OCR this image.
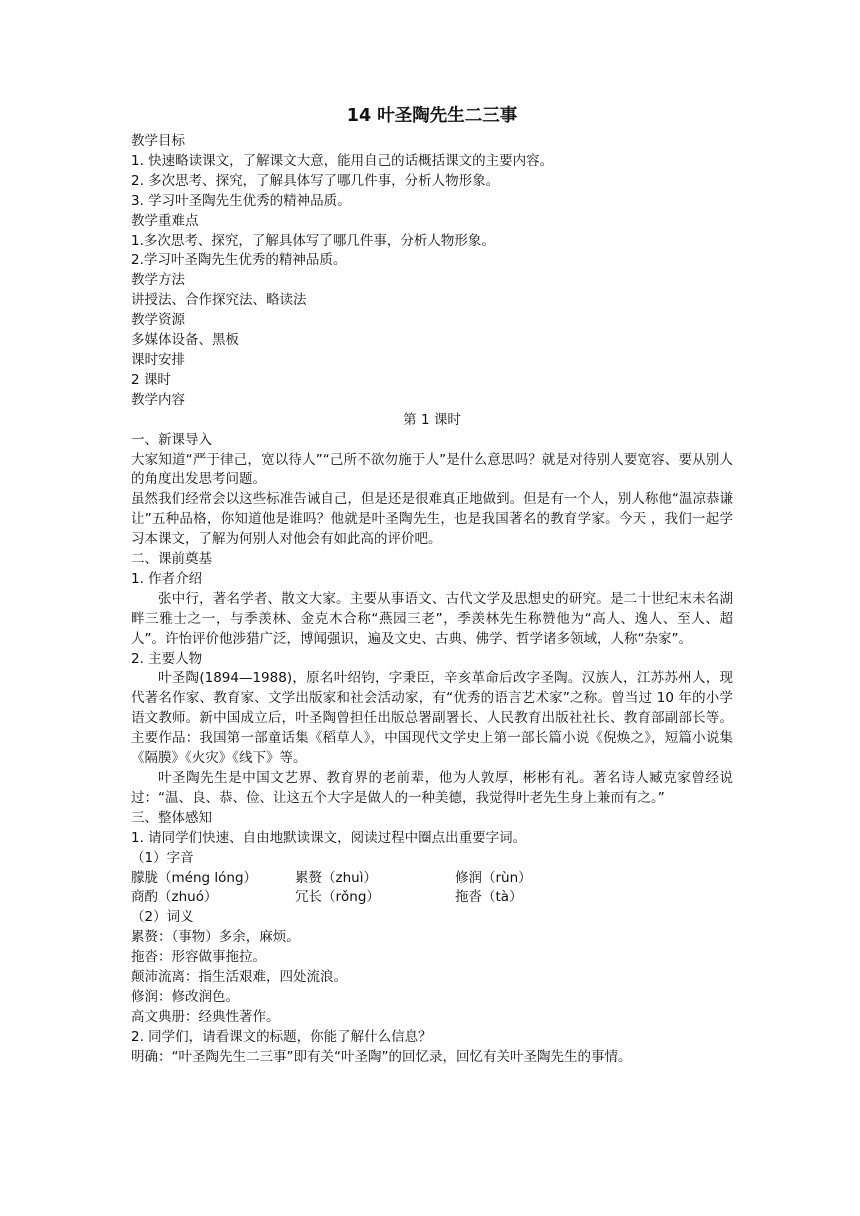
14 叶圣陶先生二三事
教学目标
1. 快速略读课文，了解课文大意，能用自己的话概括课文的主要内容。
2. 多次思考、探究，了解具体写了哪几件事，分析人物形象。
3. 学习叶圣陶先生优秀的精神品质。
教学重难点
1.多次思考、探究，了解具体写了哪几件事，分析人物形象。
2.学习叶圣陶先生优秀的精神品质。
教学方法
讲授法、合作探究法、略读法
教学资源
多媒体设备、黑板
课时安排
2 课时
教学内容
第 1 课时
一、新课导入
大家知道“严于律己，宽以待人”“己所不欲勿施于人”是什么意思吗？就是对待别人要宽容、要从别人的角度出发思考问题。
虽然我们经常会以这些标准告诫自己，但是还是很难真正地做到。但是有一个人，别人称他“温凉恭谦让”五种品格，你知道他是谁吗？他就是叶圣陶先生，也是我国著名的教育学家。今天 ，我们一起学习本课文，了解为何别人对他会有如此高的评价吧。
二、课前奠基
1. 作者介绍
张中行，著名学者、散文大家。主要从事语文、古代文学及思想史的研究。是二十世纪末未名湖畔三雅士之一，与季羡林、金克木合称“燕园三老”，季羡林先生称赞他为“高人、逸人、至人、超人”。许怡评价他涉猎广泛，博闻强识，遍及文史、古典、佛学、哲学诸多领域，人称“杂家”。
2. 主要人物
叶圣陶(1894—1988)，原名叶绍钧，字秉臣，辛亥革命后改字圣陶。汉族人，江苏苏州人，现代著名作家、教育家、文学出版家和社会活动家，有“优秀的语言艺术家”之称。曾当过 10 年的小学语文教师。新中国成立后，叶圣陶曾担任出版总署副署长、人民教育出版社社长、教育部副部长等。主要作品：我国第一部童话集《稻草人》，中国现代文学史上第一部长篇小说《倪焕之》，短篇小说集《隔膜》《火灾》《线下》等。
叶圣陶先生是中国文艺界、教育界的老前辈，他为人敦厚，彬彬有礼。著名诗人臧克家曾经说过：“温、良、恭、俭、让这五个大字是做人的一种美德，我觉得叶老先生身上兼而有之。”
三、整体感知
1. 请同学们快速、自由地默读课文，阅读过程中圈点出重要字词。
（1）字音
朦胧（méng lóng）	累赘（zhuì）	修润（rùn）
商酌（zhuó）	冗长（rǒng）	拖沓（tà）
（2）词义
累赘：（事物）多余，麻烦。
拖沓：形容做事拖拉。
颠沛流离：指生活艰难，四处流浪。
修润：修改润色。
高文典册：经典性著作。
2. 同学们，请看课文的标题，你能了解什么信息？
明确：“叶圣陶先生二三事”即有关“叶圣陶”的回忆录，回忆有关叶圣陶先生的事情。
